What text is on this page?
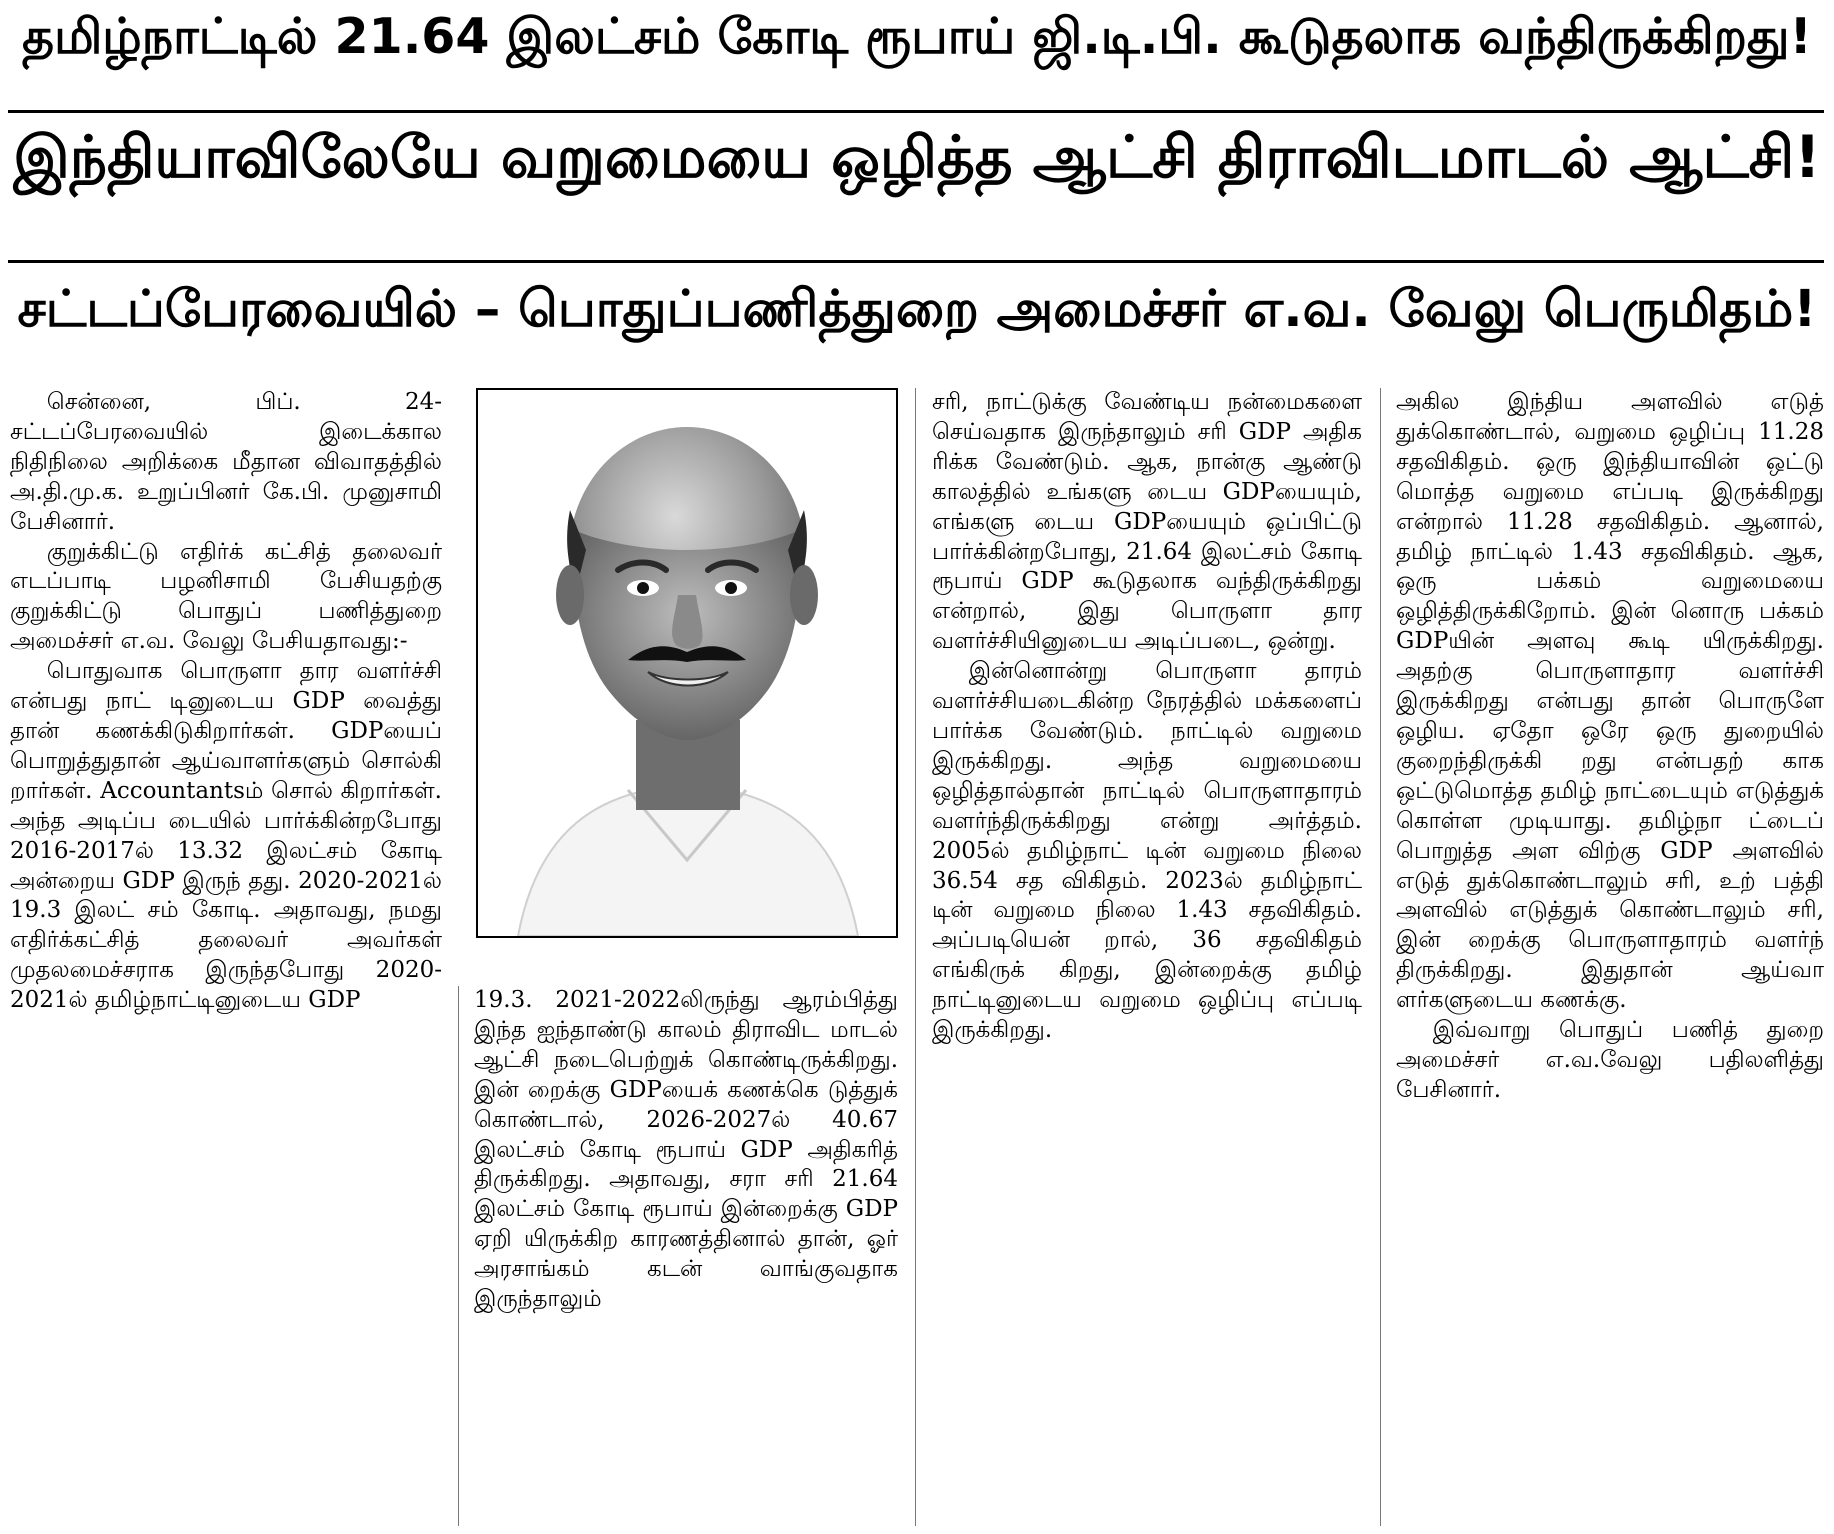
தமிழ்நாட்டில் 21.64 இலட்சம் கோடி ரூபாய் ஜி.டி.பி. கூடுதலாக வந்திருக்கிறது!
இந்தியாவிலேயே வறுமையை ஒழித்த ஆட்சி திராவிடமாடல் ஆட்சி!
சட்டப்பேரவையில் – பொதுப்பணித்துறை அமைச்சர் எ.வ. வேலு பெருமிதம்!

சென்னை, பிப். 24- சட்டப்பேரவையில் இடைக்கால நிதிநிலை அறிக்கை மீதான விவாதத்தில் அ.தி.மு.க. உறுப்பினர் கே.பி. முனுசாமி பேசினார்.

குறுக்கிட்டு எதிர்க் கட்சித் தலைவர் எடப்பாடி பழனிசாமி பேசியதற்கு குறுக்கிட்டு பொதுப் பணித்துறை அமைச்சர் எ.வ. வேலு பேசியதாவது:-

பொதுவாக பொருளா தார வளர்ச்சி என்பது நாட் டினுடைய GDP வைத்து தான் கணக்கிடுகிறார்கள். GDPயைப் பொறுத்துதான் ஆய்வாளர்களும் சொல்கி றார்கள். Accountantsம் சொல் கிறார்கள். அந்த அடிப்ப டையில் பார்க்கின்றபோது 2016-2017ல் 13.32 இலட்சம் கோடி அன்றைய GDP இருந் தது. 2020-2021ல் 19.3 இலட் சம் கோடி. அதாவது, நமது எதிர்க்கட்சித் தலைவர் அவர்கள் முதலமைச்சராக இருந்தபோது 2020-2021ல் தமிழ்நாட்டினுடைய GDP	19.3. 2021-2022லிருந்து ஆரம்பித்து இந்த ஐந்தாண்டு காலம் திராவிட மாடல் ஆட்சி நடைபெற்றுக் கொண்டிருக்கிறது. இன் றைக்கு GDPயைக் கணக்கெ டுத்துக் கொண்டால், 2026-2027ல் 40.67 இலட்சம் கோடி ரூபாய் GDP அதிகரித் திருக்கிறது. அதாவது, சரா சரி 21.64 இலட்சம் கோடி ரூபாய் இன்றைக்கு GDP ஏறி யிருக்கிற காரணத்தினால் தான், ஓர் அரசாங்கம் கடன் வாங்குவதாக இருந்தாலும்

சரி, நாட்டுக்கு வேண்டிய நன்மைகளை செய்வதாக இருந்தாலும் சரி GDP அதிக ரிக்க வேண்டும். ஆக, நான்கு ஆண்டு காலத்தில் உங்களு டைய GDPயையும், எங்களு டைய GDPயையும் ஒப்பிட்டு பார்க்கின்றபோது, 21.64 இலட்சம் கோடி ரூபாய் GDP கூடுதலாக வந்திருக்கிறது என்றால், இது பொருளா தார வளர்ச்சியினுடைய அடிப்படை, ஒன்று.

இன்னொன்று பொருளா தாரம் வளர்ச்சியடைகின்ற நேரத்தில் மக்களைப் பார்க்க வேண்டும். நாட்டில் வறுமை இருக்கிறது. அந்த வறுமையை ஒழித்தால்தான் நாட்டில் பொருளாதாரம் வளர்ந்திருக்கிறது என்று அர்த்தம். 2005ல் தமிழ்நாட் டின் வறுமை நிலை 36.54 சத விகிதம். 2023ல் தமிழ்நாட் டின் வறுமை நிலை 1.43 சதவிகிதம். அப்படியென் றால், 36 சதவிகிதம் எங்கிருக் கிறது, இன்றைக்கு தமிழ் நாட்டினுடைய வறுமை ஒழிப்பு எப்படி இருக்கிறது.

அகில இந்திய அளவில் எடுத் துக்கொண்டால், வறுமை ஒழிப்பு 11.28 சதவிகிதம். ஒரு இந்தியாவின் ஒட்டு மொத்த வறுமை எப்படி இருக்கிறது என்றால் 11.28 சதவிகிதம். ஆனால், தமிழ் நாட்டில் 1.43 சதவிகிதம். ஆக, ஒரு பக்கம் வறுமையை ஒழித்திருக்கிறோம். இன் னொரு பக்கம் GDPயின் அளவு கூடி யிருக்கிறது. அதற்கு பொருளாதார வளர்ச்சி இருக்கிறது என்பது தான் பொருளே ஒழிய. ஏதோ ஒரே ஒரு துறையில் குறைந்திருக்கி றது என்பதற் காக ஒட்டுமொத்த தமிழ் நாட்டையும் எடுத்துக் கொள்ள முடியாது. தமிழ்நா ட்டைப் பொறுத்த அள விற்கு GDP அளவில் எடுத் துக்கொண்டாலும் சரி, உற் பத்தி அளவில் எடுத்துக் கொண்டாலும் சரி, இன் றைக்கு பொருளாதாரம் வளர்ந் திருக்கிறது. இதுதான் ஆய்வா ளர்களுடைய கணக்கு.

இவ்வாறு பொதுப் பணித் துறை அமைச்சர் எ.வ.வேலு பதிலளித்து பேசினார்.
